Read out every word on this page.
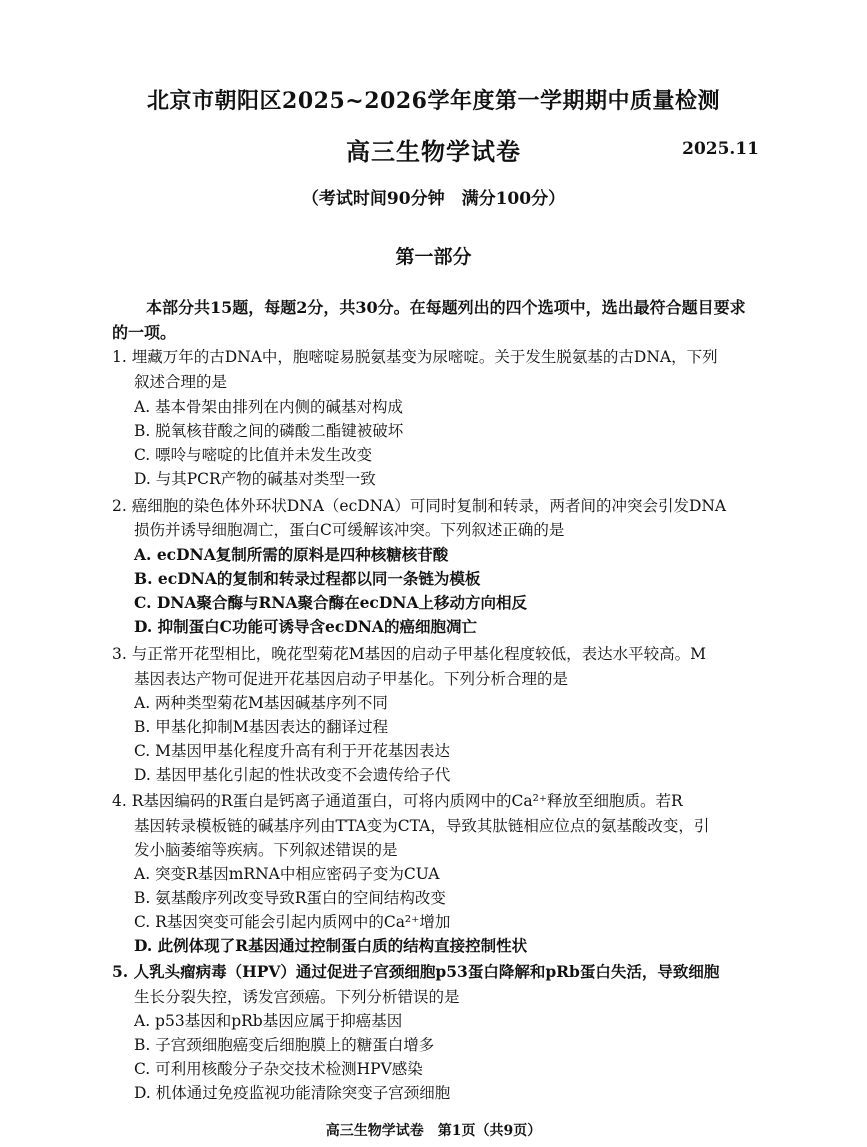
北京市朝阳区2025~2026学年度第一学期期中质量检测
高三生物学试卷	2025.11
（考试时间90分钟　满分100分）
第一部分
本部分共15题，每题2分，共30分。在每题列出的四个选项中，选出最符合题目要求的一项。
1. 埋藏万年的古DNA中，胞嘧啶易脱氨基变为尿嘧啶。关于发生脱氨基的古DNA，下列
叙述合理的是
A. 基本骨架由排列在内侧的碱基对构成
B. 脱氧核苷酸之间的磷酸二酯键被破坏
C. 嘌呤与嘧啶的比值并未发生改变
D. 与其PCR产物的碱基对类型一致
2. 癌细胞的染色体外环状DNA（ecDNA）可同时复制和转录，两者间的冲突会引发DNA
损伤并诱导细胞凋亡，蛋白C可缓解该冲突。下列叙述正确的是
A. ecDNA复制所需的原料是四种核糖核苷酸
B. ecDNA的复制和转录过程都以同一条链为模板
C. DNA聚合酶与RNA聚合酶在ecDNA上移动方向相反
D. 抑制蛋白C功能可诱导含ecDNA的癌细胞凋亡
3. 与正常开花型相比，晚花型菊花M基因的启动子甲基化程度较低，表达水平较高。M
基因表达产物可促进开花基因启动子甲基化。下列分析合理的是
A. 两种类型菊花M基因碱基序列不同
B. 甲基化抑制M基因表达的翻译过程
C. M基因甲基化程度升高有利于开花基因表达
D. 基因甲基化引起的性状改变不会遗传给子代
4. R基因编码的R蛋白是钙离子通道蛋白，可将内质网中的Ca²⁺释放至细胞质。若R
基因转录模板链的碱基序列由TTA变为CTA，导致其肽链相应位点的氨基酸改变，引
发小脑萎缩等疾病。下列叙述错误的是
A. 突变R基因mRNA中相应密码子变为CUA
B. 氨基酸序列改变导致R蛋白的空间结构改变
C. R基因突变可能会引起内质网中的Ca²⁺增加
D. 此例体现了R基因通过控制蛋白质的结构直接控制性状
5. 人乳头瘤病毒（HPV）通过促进子宫颈细胞p53蛋白降解和pRb蛋白失活，导致细胞
生长分裂失控，诱发宫颈癌。下列分析错误的是
A. p53基因和pRb基因应属于抑癌基因
B. 子宫颈细胞癌变后细胞膜上的糖蛋白增多
C. 可利用核酸分子杂交技术检测HPV感染
D. 机体通过免疫监视功能清除突变子宫颈细胞
高三生物学试卷　第1页（共9页）
